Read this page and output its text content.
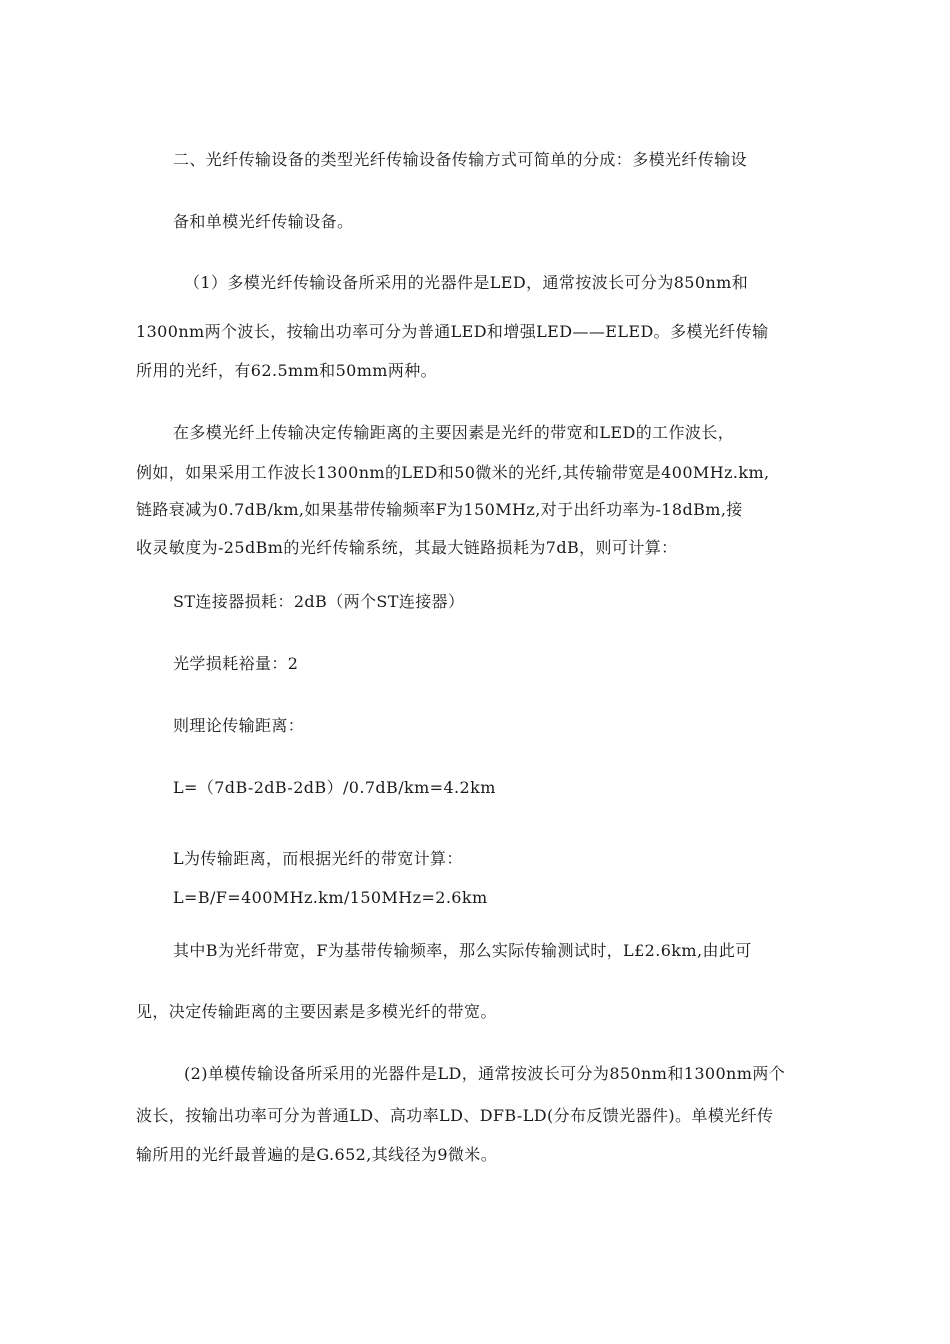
二、光纤传输设备的类型光纤传输设备传输方式可简单的分成：多模光纤传输设
备和单模光纤传输设备。
（1）多模光纤传输设备所采用的光器件是LED，通常按波长可分为850nm和
1300nm两个波长，按输出功率可分为普通LED和增强LED——ELED。多模光纤传输
所用的光纤，有62.5mm和50mm两种。
在多模光纤上传输决定传输距离的主要因素是光纤的带宽和LED的工作波长，
例如，如果采用工作波长1300nm的LED和50微米的光纤,其传输带宽是400MHz.km,
链路衰减为0.7dB/km,如果基带传输频率F为150MHz,对于出纤功率为-18dBm,接
收灵敏度为-25dBm的光纤传输系统，其最大链路损耗为7dB，则可计算：
ST连接器损耗：2dB（两个ST连接器）
光学损耗裕量：2
则理论传输距离：
L=（7dB-2dB-2dB）/0.7dB/km=4.2km
L为传输距离，而根据光纤的带宽计算：
L=B/F=400MHz.km/150MHz=2.6km
其中B为光纤带宽，F为基带传输频率，那么实际传输测试时，L£2.6km,由此可
见，决定传输距离的主要因素是多模光纤的带宽。
(2)单模传输设备所采用的光器件是LD，通常按波长可分为850nm和1300nm两个
波长，按输出功率可分为普通LD、高功率LD、DFB-LD(分布反馈光器件)。单模光纤传
输所用的光纤最普遍的是G.652,其线径为9微米。
